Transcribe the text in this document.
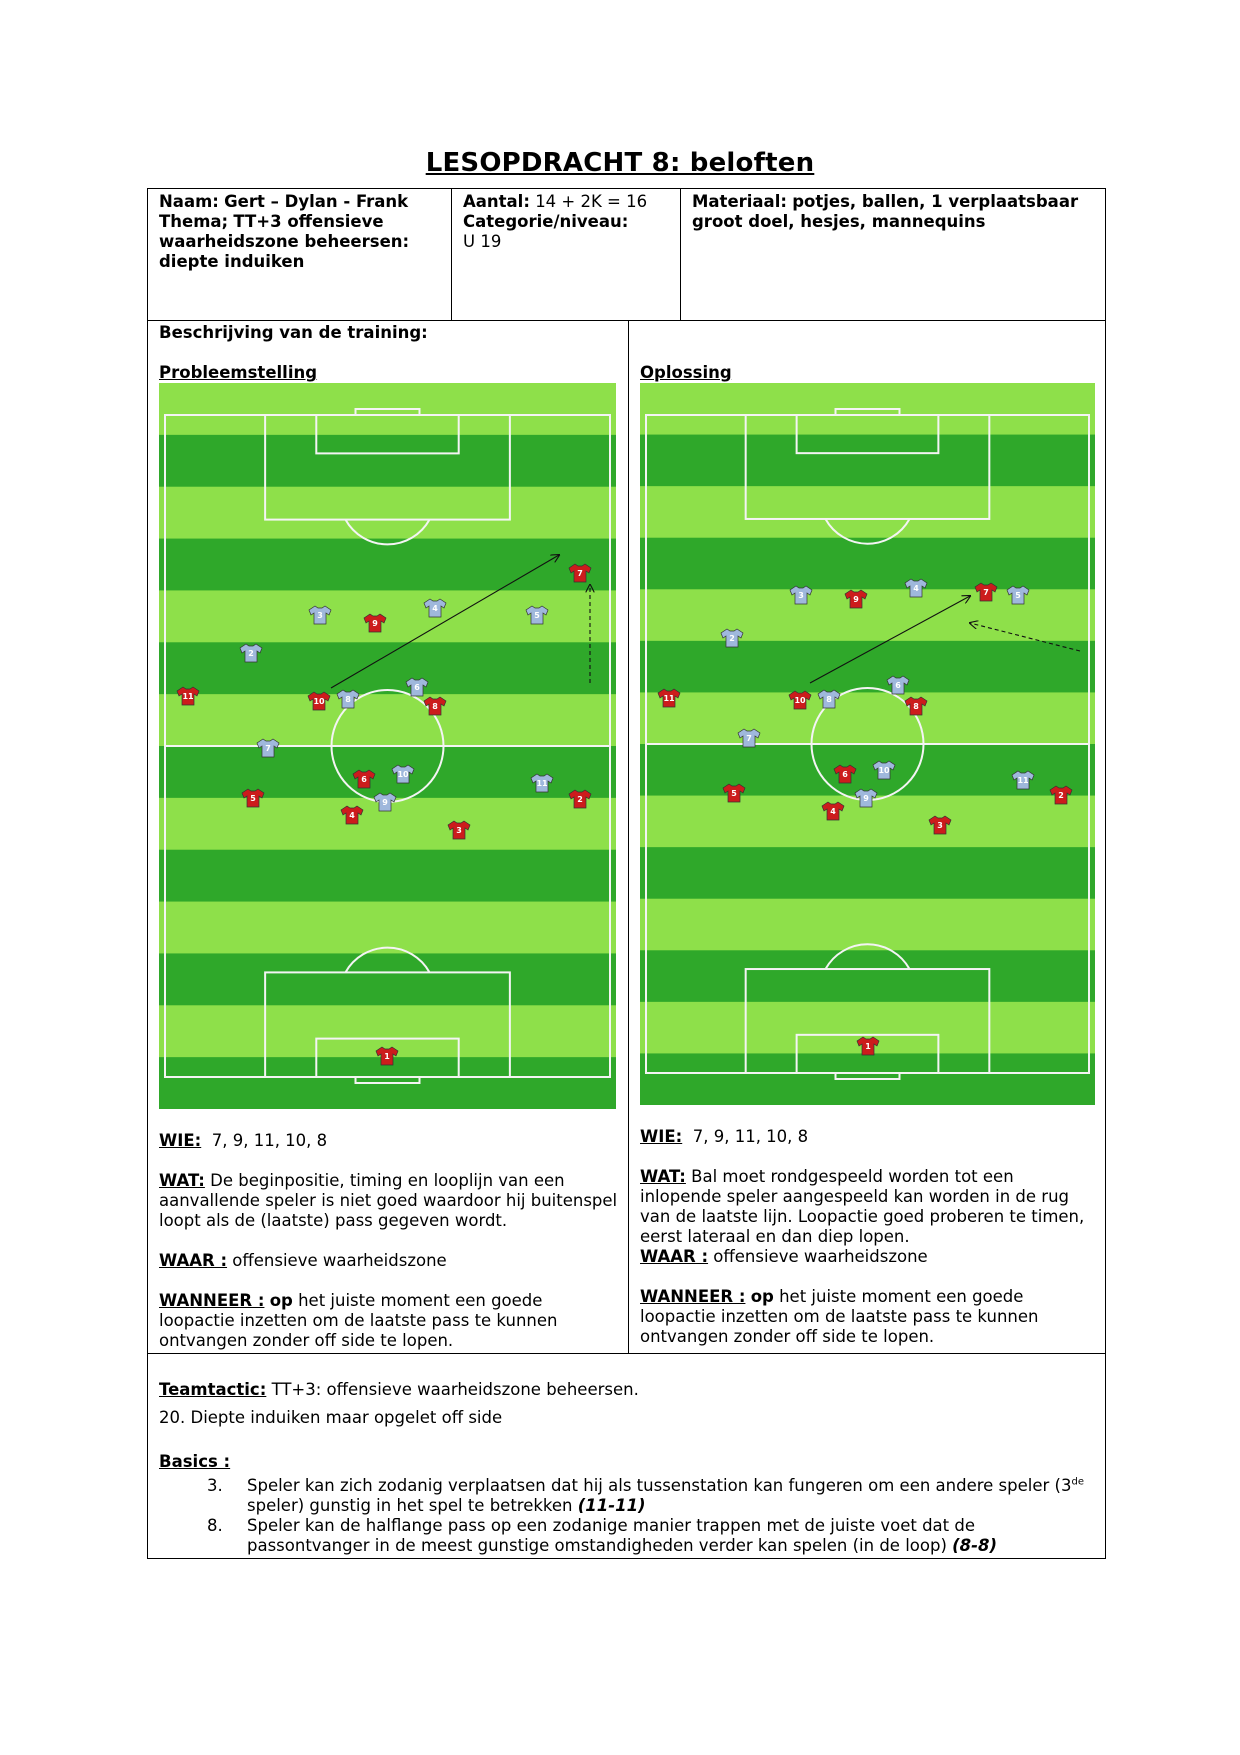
LESOPDRACHT 8: beloften
Naam: Gert – Dylan - Frank
Thema; TT+3 offensieve waarheidszone beheersen: diepte induiken
Aantal: 14 + 2K = 16
Categorie/niveau:
U 19
Materiaal: potjes, ballen, 1 verplaatsbaar groot doel, hesjes, mannequins
Beschrijving van de training:
Probleemstelling	Oplossing
7
9
11
10
8
6
5
4
3
2
1
3
4
5
2
8
6
7
10
9
11
7
9
11	10
8
6
5
4
3
2
1
3
4
5
2
8
6
7
10
9
11
WIE: 7, 9, 11, 10, 8
WAT: De beginpositie, timing en looplijn van een aanvallende speler is niet goed waardoor hij buitenspel loopt als de (laatste) pass gegeven wordt.
WAAR : offensieve waarheidszone
WANNEER : op het juiste moment een goede loopactie inzetten om de laatste pass te kunnen ontvangen zonder off side te lopen.
WIE: 7, 9, 11, 10, 8
WAT: Bal moet rondgespeeld worden tot een inlopende speler aangespeeld kan worden in de rug van de laatste lijn. Loopactie goed proberen te timen, eerst lateraal en dan diep lopen.
WAAR : offensieve waarheidszone
WANNEER : op het juiste moment een goede loopactie inzetten om de laatste pass te kunnen ontvangen zonder off side te lopen.
Teamtactic: TT+3: offensieve waarheidszone beheersen.
20. Diepte induiken maar opgelet off side
Basics :
3. Speler kan zich zodanig verplaatsen dat hij als tussenstation kan fungeren om een andere speler (3de speler) gunstig in het spel te betrekken (11-11)
8. Speler kan de halflange pass op een zodanige manier trappen met de juiste voet dat de passontvanger in de meest gunstige omstandigheden verder kan spelen (in de loop) (8-8)
